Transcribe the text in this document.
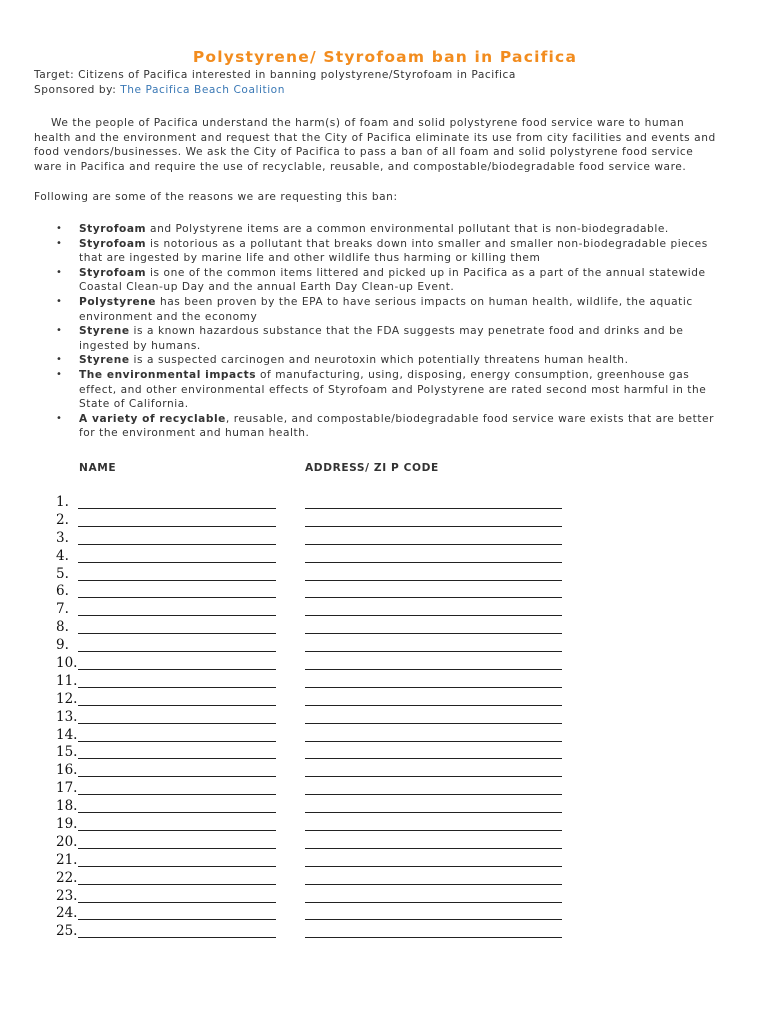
Polystyrene/ Styrofoam ban in Pacifica
Target: Citizens of Pacifica interested in banning polystyrene/Styrofoam in Pacifica
Sponsored by: The Pacifica Beach Coalition

  We the people of Pacifica understand the harm(s) of foam and solid polystyrene food service ware to human health and the environment and request that the City of Pacifica eliminate its use from city facilities and events and food vendors/businesses. We ask the City of Pacifica to pass a ban of all foam and solid polystyrene food service ware in Pacifica and require the use of recyclable, reusable, and compostable/biodegradable food service ware.

Following are some of the reasons we are requesting this ban:
• Styrofoam and Polystyrene items are a common environmental pollutant that is non-biodegradable.
• Styrofoam is notorious as a pollutant that breaks down into smaller and smaller non-biodegradable pieces that are ingested by marine life and other wildlife thus harming or killing them
• Styrofoam is one of the common items littered and picked up in Pacifica as a part of the annual statewide Coastal Clean-up Day and the annual Earth Day Clean-up Event.
• Polystyrene has been proven by the EPA to have serious impacts on human health, wildlife, the aquatic environment and the economy
• Styrene is a known hazardous substance that the FDA suggests may penetrate food and drinks and be ingested by humans.
• Styrene is a suspected carcinogen and neurotoxin which potentially threatens human health.
• The environmental impacts of manufacturing, using, disposing, energy consumption, greenhouse gas effect, and other environmental effects of Styrofoam and Polystyrene are rated second most harmful in the State of California.
• A variety of recyclable, reusable, and compostable/biodegradable food service ware exists that are better for the environment and human health.
NAME	ADDRESS/ ZI P CODE
1.
2.
3.
4.
5.
6.
7.
8.
9.
10.
11.
12.
13.
14.
15.
16.
17.
18.
19.
20.
21.
22.
23.
24.
25.
